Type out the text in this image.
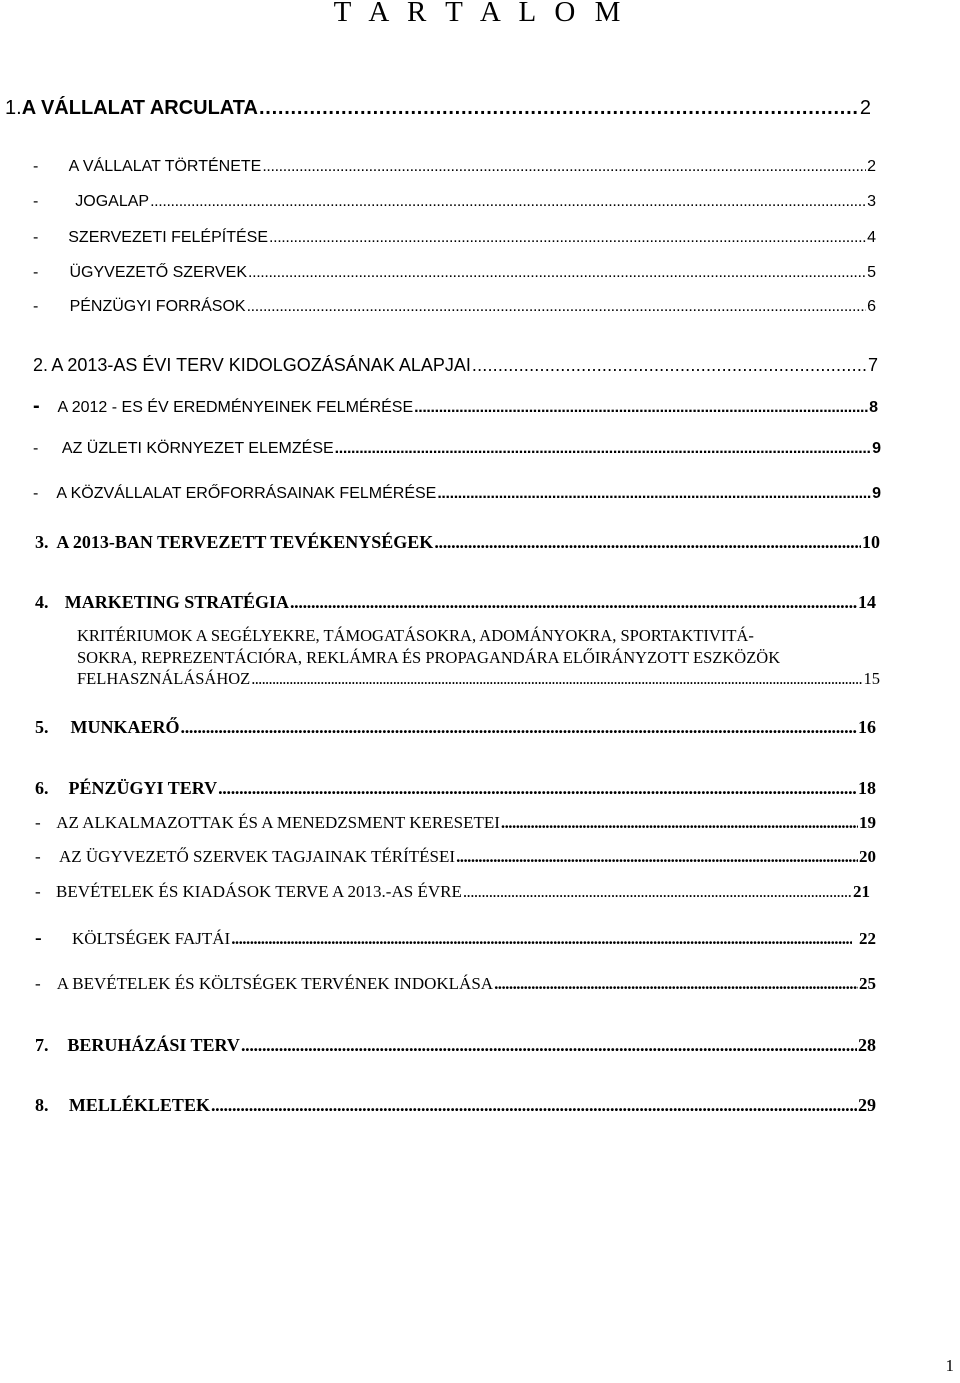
T A R T A L O M
1. A VÁLLALAT ARCULATA . . .	2
-	A VÁLLALAT TÖRTÉNETE . . .	2
-	JOGALAP . . .	3
-	SZERVEZETI FELÉPÍTÉSE . . .	4
-	ÜGYVEZETŐ SZERVEK . . .	5
-	PÉNZÜGYI FORRÁSOK . . .	6
2. A 2013-AS ÉVI TERV KIDOLGOZÁSÁNAK ALAPJAI . . .	7
-	A 2012 - ES ÉV EREDMÉNYEINEK FELMÉRÉSE . . .	8
-	AZ ÜZLETI KÖRNYEZET ELEMZÉSE . . .	9
-	A KÖZVÁLLALAT ERŐFORRÁSAINAK FELMÉRÉSE . . .	9
3. A 2013-BAN TERVEZETT TEVÉKENYSÉGEK . . .	10
4. MARKETING STRATÉGIA . . .	14
KRITÉRIUMOK A SEGÉLYEKRE, TÁMOGATÁSOKRA, ADOMÁNYOKRA, SPORTAKTIVITÁ-
SOKRA, REPREZENTÁCIÓRA, REKLÁMRA ÉS PROPAGANDÁRA ELŐIRÁNYZOTT ESZKÖZÖK
FELHASZNÁLÁSÁHOZ . . .	15
5.	MUNKAERŐ . . .	16
6.	PÉNZÜGYI TERV . . .	18
- AZ ALKALMAZOTTAK ÉS A MENEDZSMENT KERESETEI . . .	19
-	AZ ÜGYVEZETŐ SZERVEK TAGJAINAK TÉRÍTÉSEI . . .	20
- BEVÉTELEK ÉS KIADÁSOK TERVE A 2013.-AS ÉVRE . . .	21
-	KÖLTSÉGEK FAJTÁI . . .	22
- A BEVÉTELEK ÉS KÖLTSÉGEK TERVÉNEK INDOKLÁSA . . .	25
7.	BERUHÁZÁSI TERV . . .	28
8.	MELLÉKLETEK . . .	29
1
